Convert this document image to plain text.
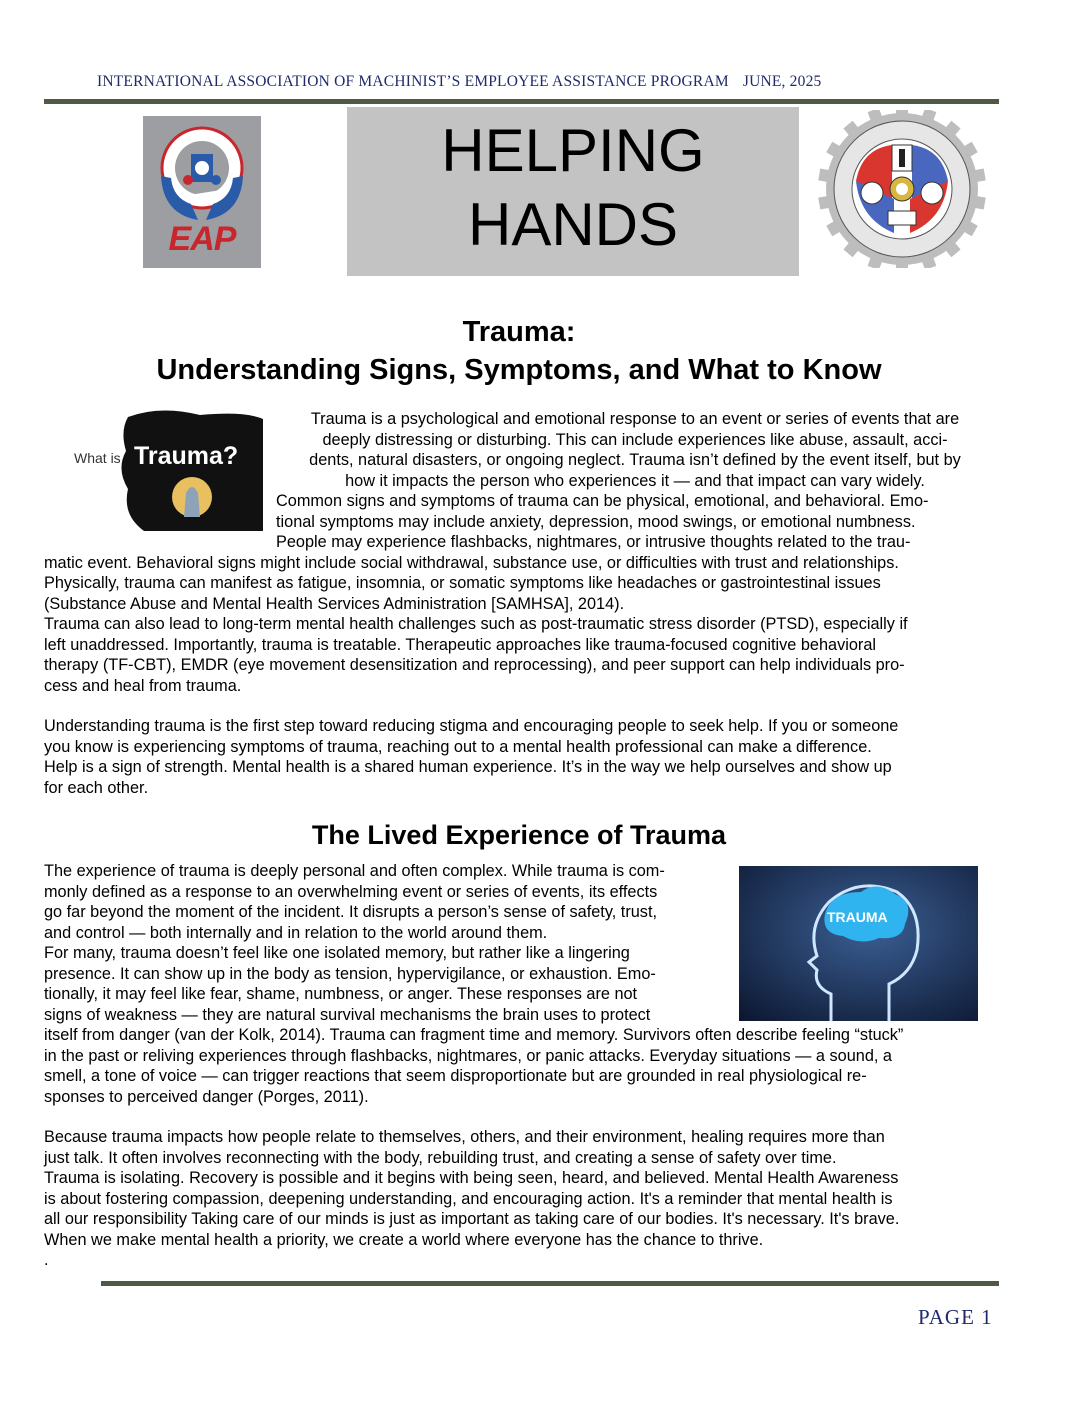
INTERNATIONAL ASSOCIATION OF MACHINIST’S EMPLOYEE ASSISTANCE PROGRAM JUNE, 2025
EAP
HELPING
HANDS
Trauma:
Understanding Signs, Symptoms, and What to Know
What is Trauma?
Trauma is a psychological and emotional response to an event or series of events that are
deeply distressing or disturbing. This can include experiences like abuse, assault, acci-
dents, natural disasters, or ongoing neglect. Trauma isn’t defined by the event itself, but by
how it impacts the person who experiences it — and that impact can vary widely.
Common signs and symptoms of trauma can be physical, emotional, and behavioral. Emo-
tional symptoms may include anxiety, depression, mood swings, or emotional numbness.
People may experience flashbacks, nightmares, or intrusive thoughts related to the trau-
matic event. Behavioral signs might include social withdrawal, substance use, or difficulties with trust and relationships.
Physically, trauma can manifest as fatigue, insomnia, or somatic symptoms like headaches or gastrointestinal issues
(Substance Abuse and Mental Health Services Administration [SAMHSA], 2014).
Trauma can also lead to long-term mental health challenges such as post-traumatic stress disorder (PTSD), especially if
left unaddressed. Importantly, trauma is treatable. Therapeutic approaches like trauma-focused cognitive behavioral
therapy (TF-CBT), EMDR (eye movement desensitization and reprocessing), and peer support can help individuals pro-
cess and heal from trauma.
Understanding trauma is the first step toward reducing stigma and encouraging people to seek help. If you or someone
you know is experiencing symptoms of trauma, reaching out to a mental health professional can make a difference.
Help is a sign of strength. Mental health is a shared human experience. It’s in the way we help ourselves and show up
for each other.
The Lived Experience of Trauma
TRAUMA
The experience of trauma is deeply personal and often complex. While trauma is com-
monly defined as a response to an overwhelming event or series of events, its effects
go far beyond the moment of the incident. It disrupts a person’s sense of safety, trust,
and control — both internally and in relation to the world around them.
For many, trauma doesn’t feel like one isolated memory, but rather like a lingering
presence. It can show up in the body as tension, hypervigilance, or exhaustion. Emo-
tionally, it may feel like fear, shame, numbness, or anger. These responses are not
signs of weakness — they are natural survival mechanisms the brain uses to protect
itself from danger (van der Kolk, 2014). Trauma can fragment time and memory. Survivors often describe feeling “stuck”
in the past or reliving experiences through flashbacks, nightmares, or panic attacks. Everyday situations — a sound, a
smell, a tone of voice — can trigger reactions that seem disproportionate but are grounded in real physiological re-
sponses to perceived danger (Porges, 2011).
Because trauma impacts how people relate to themselves, others, and their environment, healing requires more than
just talk. It often involves reconnecting with the body, rebuilding trust, and creating a sense of safety over time.
Trauma is isolating. Recovery is possible and it begins with being seen, heard, and believed. Mental Health Awareness
is about fostering compassion, deepening understanding, and encouraging action. It's a reminder that mental health is
all our responsibility Taking care of our minds is just as important as taking care of our bodies. It's necessary. It's brave.
When we make mental health a priority, we create a world where everyone has the chance to thrive.
.
PAGE 1
